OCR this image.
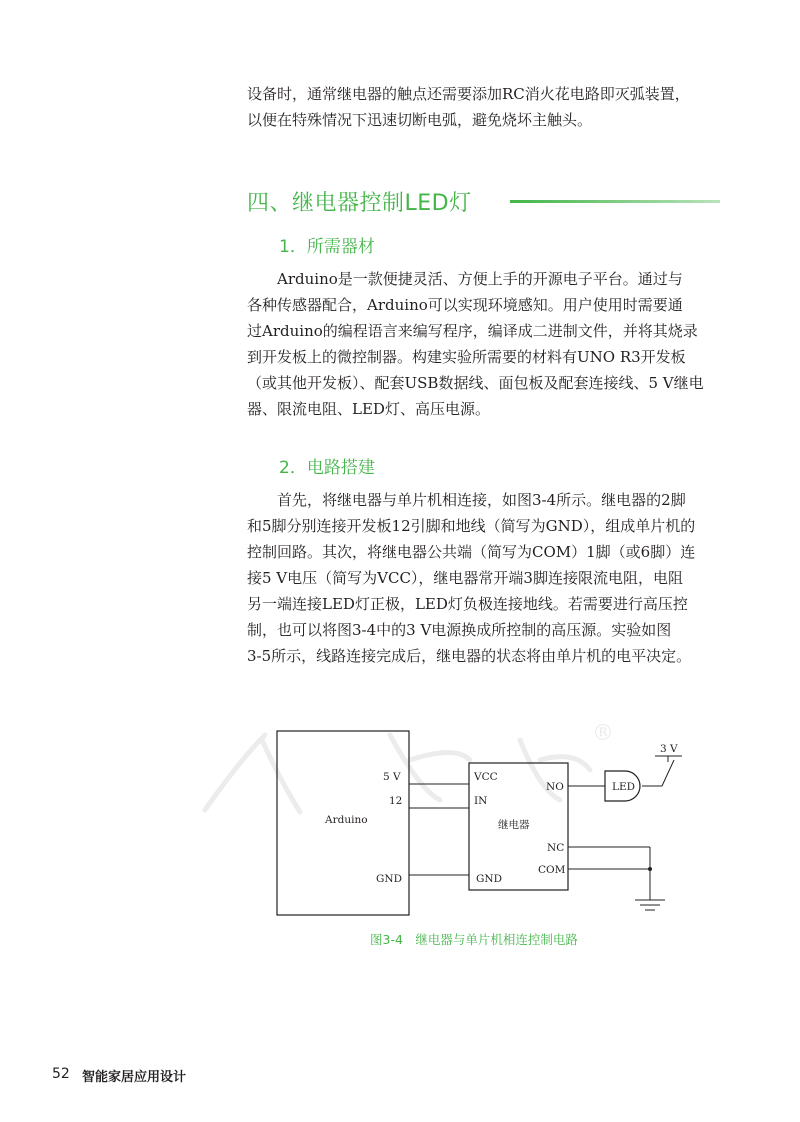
设备时，通常继电器的触点还需要添加RC消火花电路即灭弧装置，
以便在特殊情况下迅速切断电弧，避免烧坏主触头。
四、继电器控制LED灯
1．所需器材
Arduino是一款便捷灵活、方便上手的开源电子平台。通过与
各种传感器配合，Arduino可以实现环境感知。用户使用时需要通
过Arduino的编程语言来编写程序，编译成二进制文件，并将其烧录
到开发板上的微控制器。构建实验所需要的材料有UNO R3开发板
（或其他开发板）、配套USB数据线、面包板及配套连接线、5 V继电
器、限流电阻、LED灯、高压电源。
2．电路搭建
首先，将继电器与单片机相连接，如图3-4所示。继电器的2脚
和5脚分别连接开发板12引脚和地线（简写为GND），组成单片机的
控制回路。其次，将继电器公共端（简写为COM）1脚（或6脚）连
接5 V电压（简写为VCC），继电器常开端3脚连接限流电阻，电阻
另一端连接LED灯正极，LED灯负极连接地线。若需要进行高压控
制，也可以将图3-4中的3 V电源换成所控制的高压源。实验如图
3-5所示，线路连接完成后，继电器的状态将由单片机的电平决定。
®
Arduino
5 V
12
GND
继电器
VCC
IN
GND
NO
NC
COM
LED
3 V
图3-4　继电器与单片机相连控制电路
52 智能家居应用设计
